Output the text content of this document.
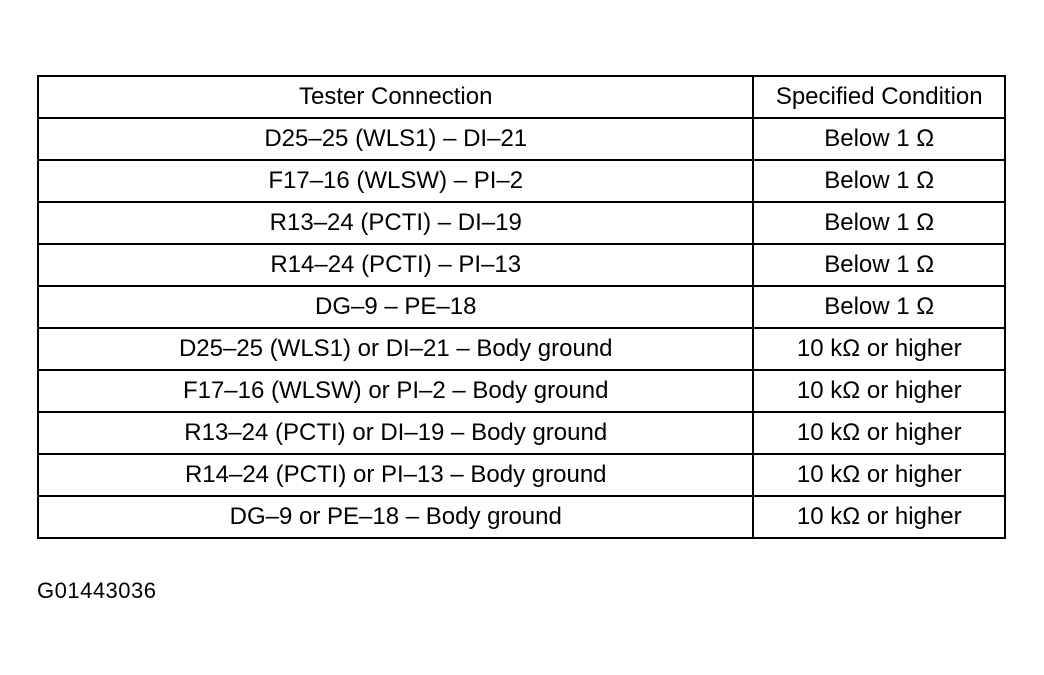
Tester Connection	Specified Condition
D25–25 (WLS1) – DI–21	Below 1 Ω
F17–16 (WLSW) – PI–2	Below 1 Ω
R13–24 (PCTI) – DI–19	Below 1 Ω
R14–24 (PCTI) – PI–13	Below 1 Ω
DG–9 – PE–18	Below 1 Ω
D25–25 (WLS1) or DI–21 – Body ground	10 kΩ or higher
F17–16 (WLSW) or PI–2 – Body ground	10 kΩ or higher
R13–24 (PCTI) or DI–19 – Body ground	10 kΩ or higher
R14–24 (PCTI) or PI–13 – Body ground	10 kΩ or higher
DG–9 or PE–18 – Body ground	10 kΩ or higher
G01443036
